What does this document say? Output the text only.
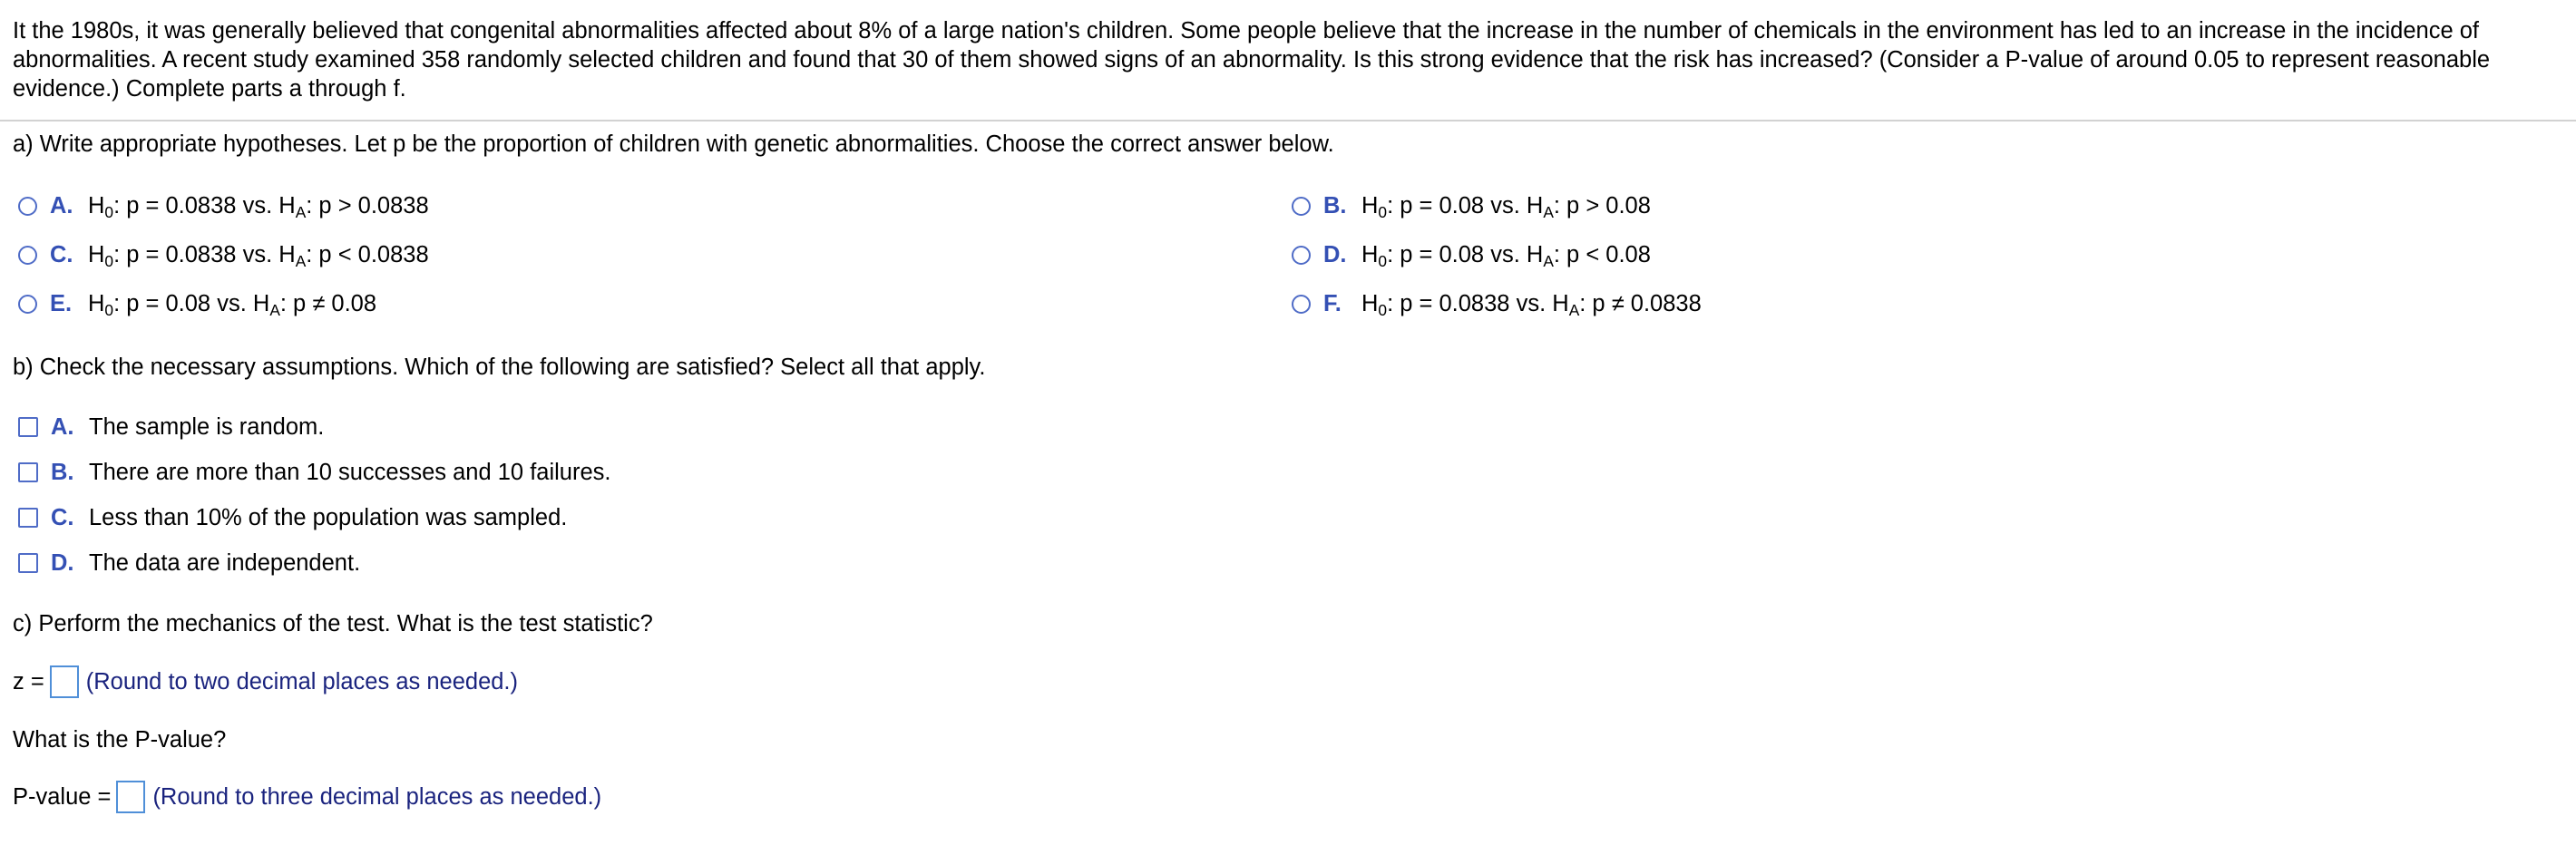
It the 1980s, it was generally believed that congenital abnormalities affected about 8% of a large nation's children. Some people believe that the increase in the number of chemicals in the environment has led to an increase in the incidence of abnormalities. A recent study examined 358 randomly selected children and found that 30 of them showed signs of an abnormality. Is this strong evidence that the risk has increased? (Consider a P-value of around 0.05 to represent reasonable evidence.) Complete parts a through f.

a) Write appropriate hypotheses. Let p be the proportion of children with genetic abnormalities. Choose the correct answer below.

A. $H_0$: p = 0.0838 vs. $H_A$: p > 0.0838	B. $H_0$: p = 0.08 vs. $H_A$: p > 0.08
C. $H_0$: p = 0.0838 vs. $H_A$: p < 0.0838	D. $H_0$: p = 0.08 vs. $H_A$: p < 0.08
E. $H_0$: p = 0.08 vs. $H_A$: p ≠ 0.08	F. $H_0$: p = 0.0838 vs. $H_A$: p ≠ 0.0838

b) Check the necessary assumptions. Which of the following are satisfied? Select all that apply.

A. The sample is random.
B. There are more than 10 successes and 10 failures.
C. Less than 10% of the population was sampled.
D. The data are independent.

c) Perform the mechanics of the test. What is the test statistic?

z = (Round to two decimal places as needed.)

What is the P-value?

P-value = (Round to three decimal places as needed.)
